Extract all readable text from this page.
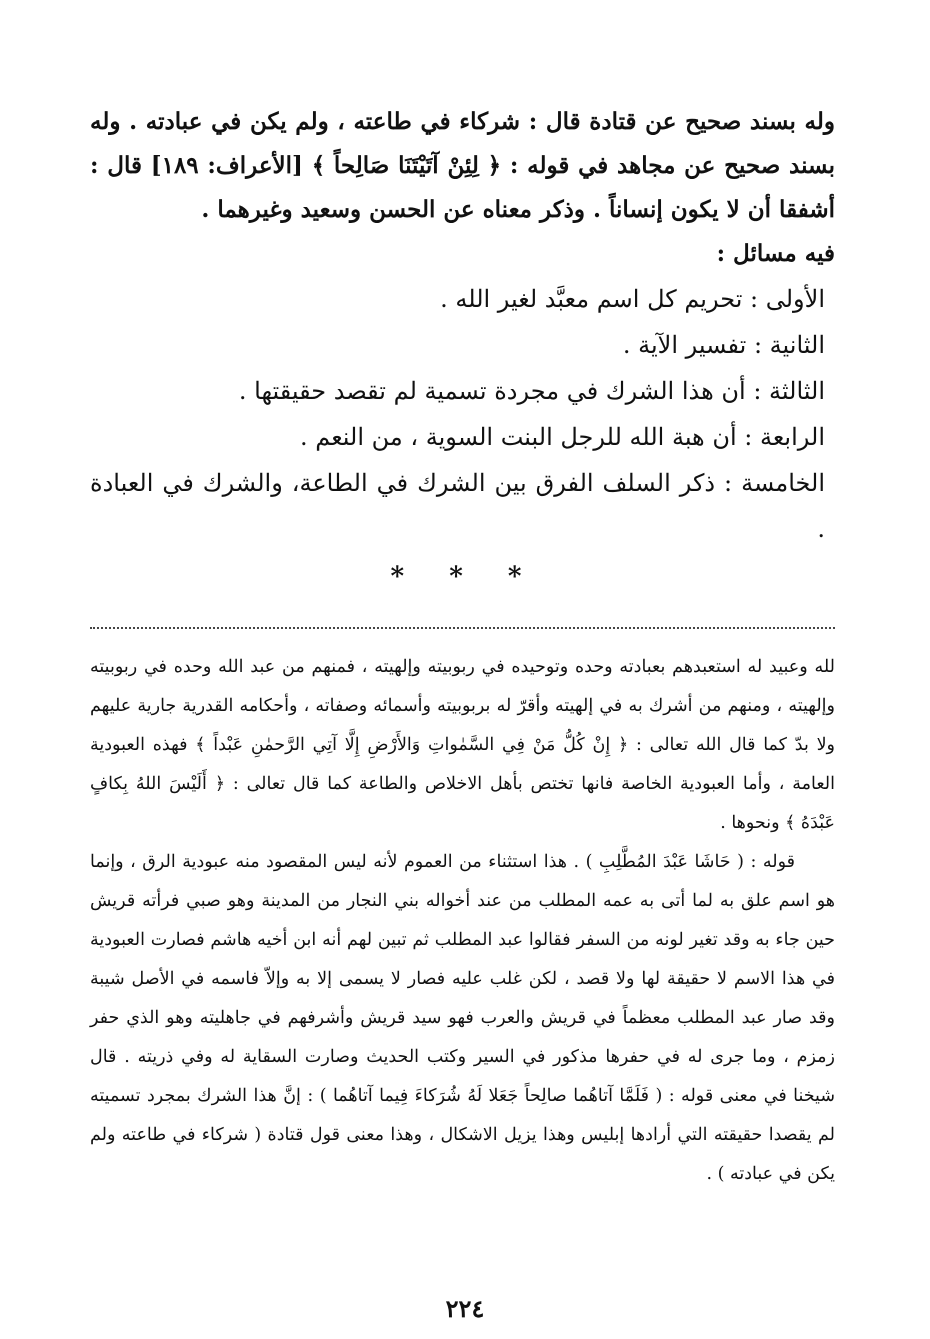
وله بسند صحيح عن قتادة قال : شركاء في طاعته ، ولم يكن في عبادته . وله بسند صحيح عن مجاهد في قوله : ﴿ لِئِنْ آتَيْتَنَا صَالِحاً ﴾ [الأعراف: ١٨٩] قال : أشفقا أن لا يكون إنساناً . وذكر معناه عن الحسن وسعيد وغيرهما .

فيه مسائل :

الأولى : تحريم كل اسم معبَّد لغير الله .
الثانية : تفسير الآية .
الثالثة : أن هذا الشرك في مجردة تسمية لم تقصد حقيقتها .
الرابعة : أن هبة الله للرجل البنت السوية ، من النعم .
الخامسة : ذكر السلف الفرق بين الشرك في الطاعة، والشرك في العبادة .
* * *

لله وعبيد له استعبدهم بعبادته وحده وتوحيده في ربوبيته وإلهيته ، فمنهم من عبد الله وحده في ربوبيته وإلهيته ، ومنهم من أشرك به في إلهيته وأقرّ له بربوبيته وأسمائه وصفاته ، وأحكامه القدرية جارية عليهم ولا بدّ كما قال الله تعالى : ﴿ إِنْ كُلُّ مَنْ فِي السَّمٰواتِ وَالأَرْضِ إِلَّا آتِي الرَّحمٰنِ عَبْداً ﴾ فهذه العبودية العامة ، وأما العبودية الخاصة فانها تختص بأهل الاخلاص والطاعة كما قال تعالى : ﴿ أَلَيْسَ اللهُ بِكافٍ عَبْدَهُ ﴾ ونحوها .

قوله : ( حَاشَا عَبْدَ المُطَّلِبِ ) . هذا استثناء من العموم لأنه ليس المقصود منه عبودية الرق ، وإنما هو اسم علق به لما أتى به عمه المطلب من عند أخواله بني النجار من المدينة وهو صبي فرأته قريش حين جاء به وقد تغير لونه من السفر فقالوا عبد المطلب ثم تبين لهم أنه ابن أخيه هاشم فصارت العبودية في هذا الاسم لا حقيقة لها ولا قصد ، لكن غلب عليه فصار لا يسمى إلا به وإلاّ فاسمه في الأصل شيبة وقد صار عبد المطلب معظماً في قريش والعرب فهو سيد قريش وأشرفهم في جاهليته وهو الذي حفر زمزم ، وما جرى له في حفرها مذكور في السير وكتب الحديث وصارت السقاية له وفي ذريته . قال شيخنا في معنى قوله : ( فَلَمَّا آتاهُما صالِحاً جَعَلا لَهُ شُرَكاءَ فِيما آتاهُما ) : إنَّ هذا الشرك بمجرد تسميته لم يقصدا حقيقته التي أرادها إبليس وهذا يزيل الاشكال ، وهذا معنى قول قتادة ( شركاء في طاعته ولم يكن في عبادته ) .

٢٢٤
